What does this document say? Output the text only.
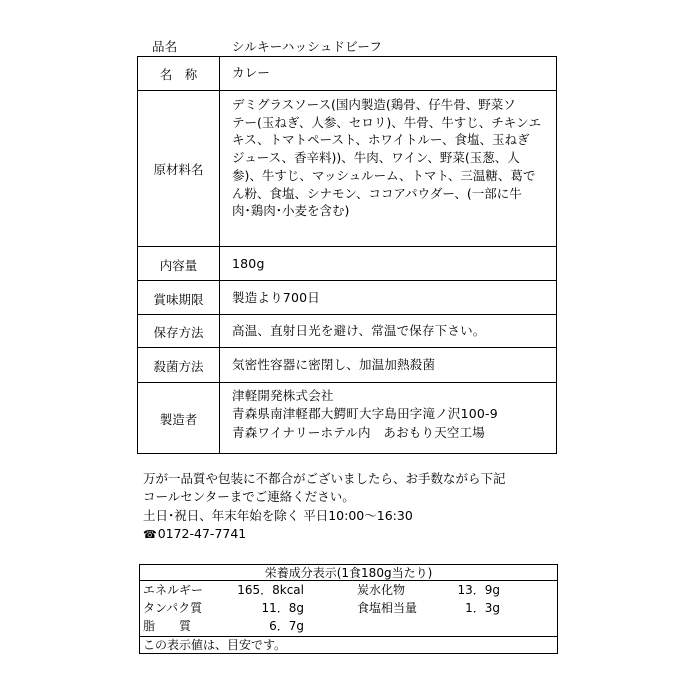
品名	シルキーハッシュドビーフ
名　称	カレー
原材料名
デミグラスソース(国内製造(鶏骨、仔牛骨、野菜ソ
テー(玉ねぎ、人参、セロリ)、牛骨、牛すじ、チキンエ
キス、トマトペースト、ホワイトルー、食塩、玉ねぎ
ジュース、香辛料))、牛肉、ワイン、野菜(玉葱、人
参)、牛すじ、マッシュルーム、トマト、三温糖、葛で
ん粉、食塩、シナモン、ココアパウダー、(一部に牛
肉･鶏肉･小麦を含む)
内容量	180g
賞味期限	製造より700日
保存方法	高温、直射日光を避け、常温で保存下さい。
殺菌方法	気密性容器に密閉し、加温加熱殺菌
製造者
津軽開発株式会社
青森県南津軽郡大鰐町大字島田字滝ノ沢100-9
青森ワイナリーホテル内　あおもり天空工場
万が一品質や包装に不都合がございましたら、お手数ながら下記
コールセンターまでご連絡ください。
土日･祝日、年末年始を除く 平日10:00～16:30
☎0172-47-7741
栄養成分表示(1食180g当たり)
エネルギー	165．8kcal	炭水化物	13．9g
タンパク質	11．8g	食塩相当量	1．3g
脂　　質	6．7g
この表示値は、目安です。
